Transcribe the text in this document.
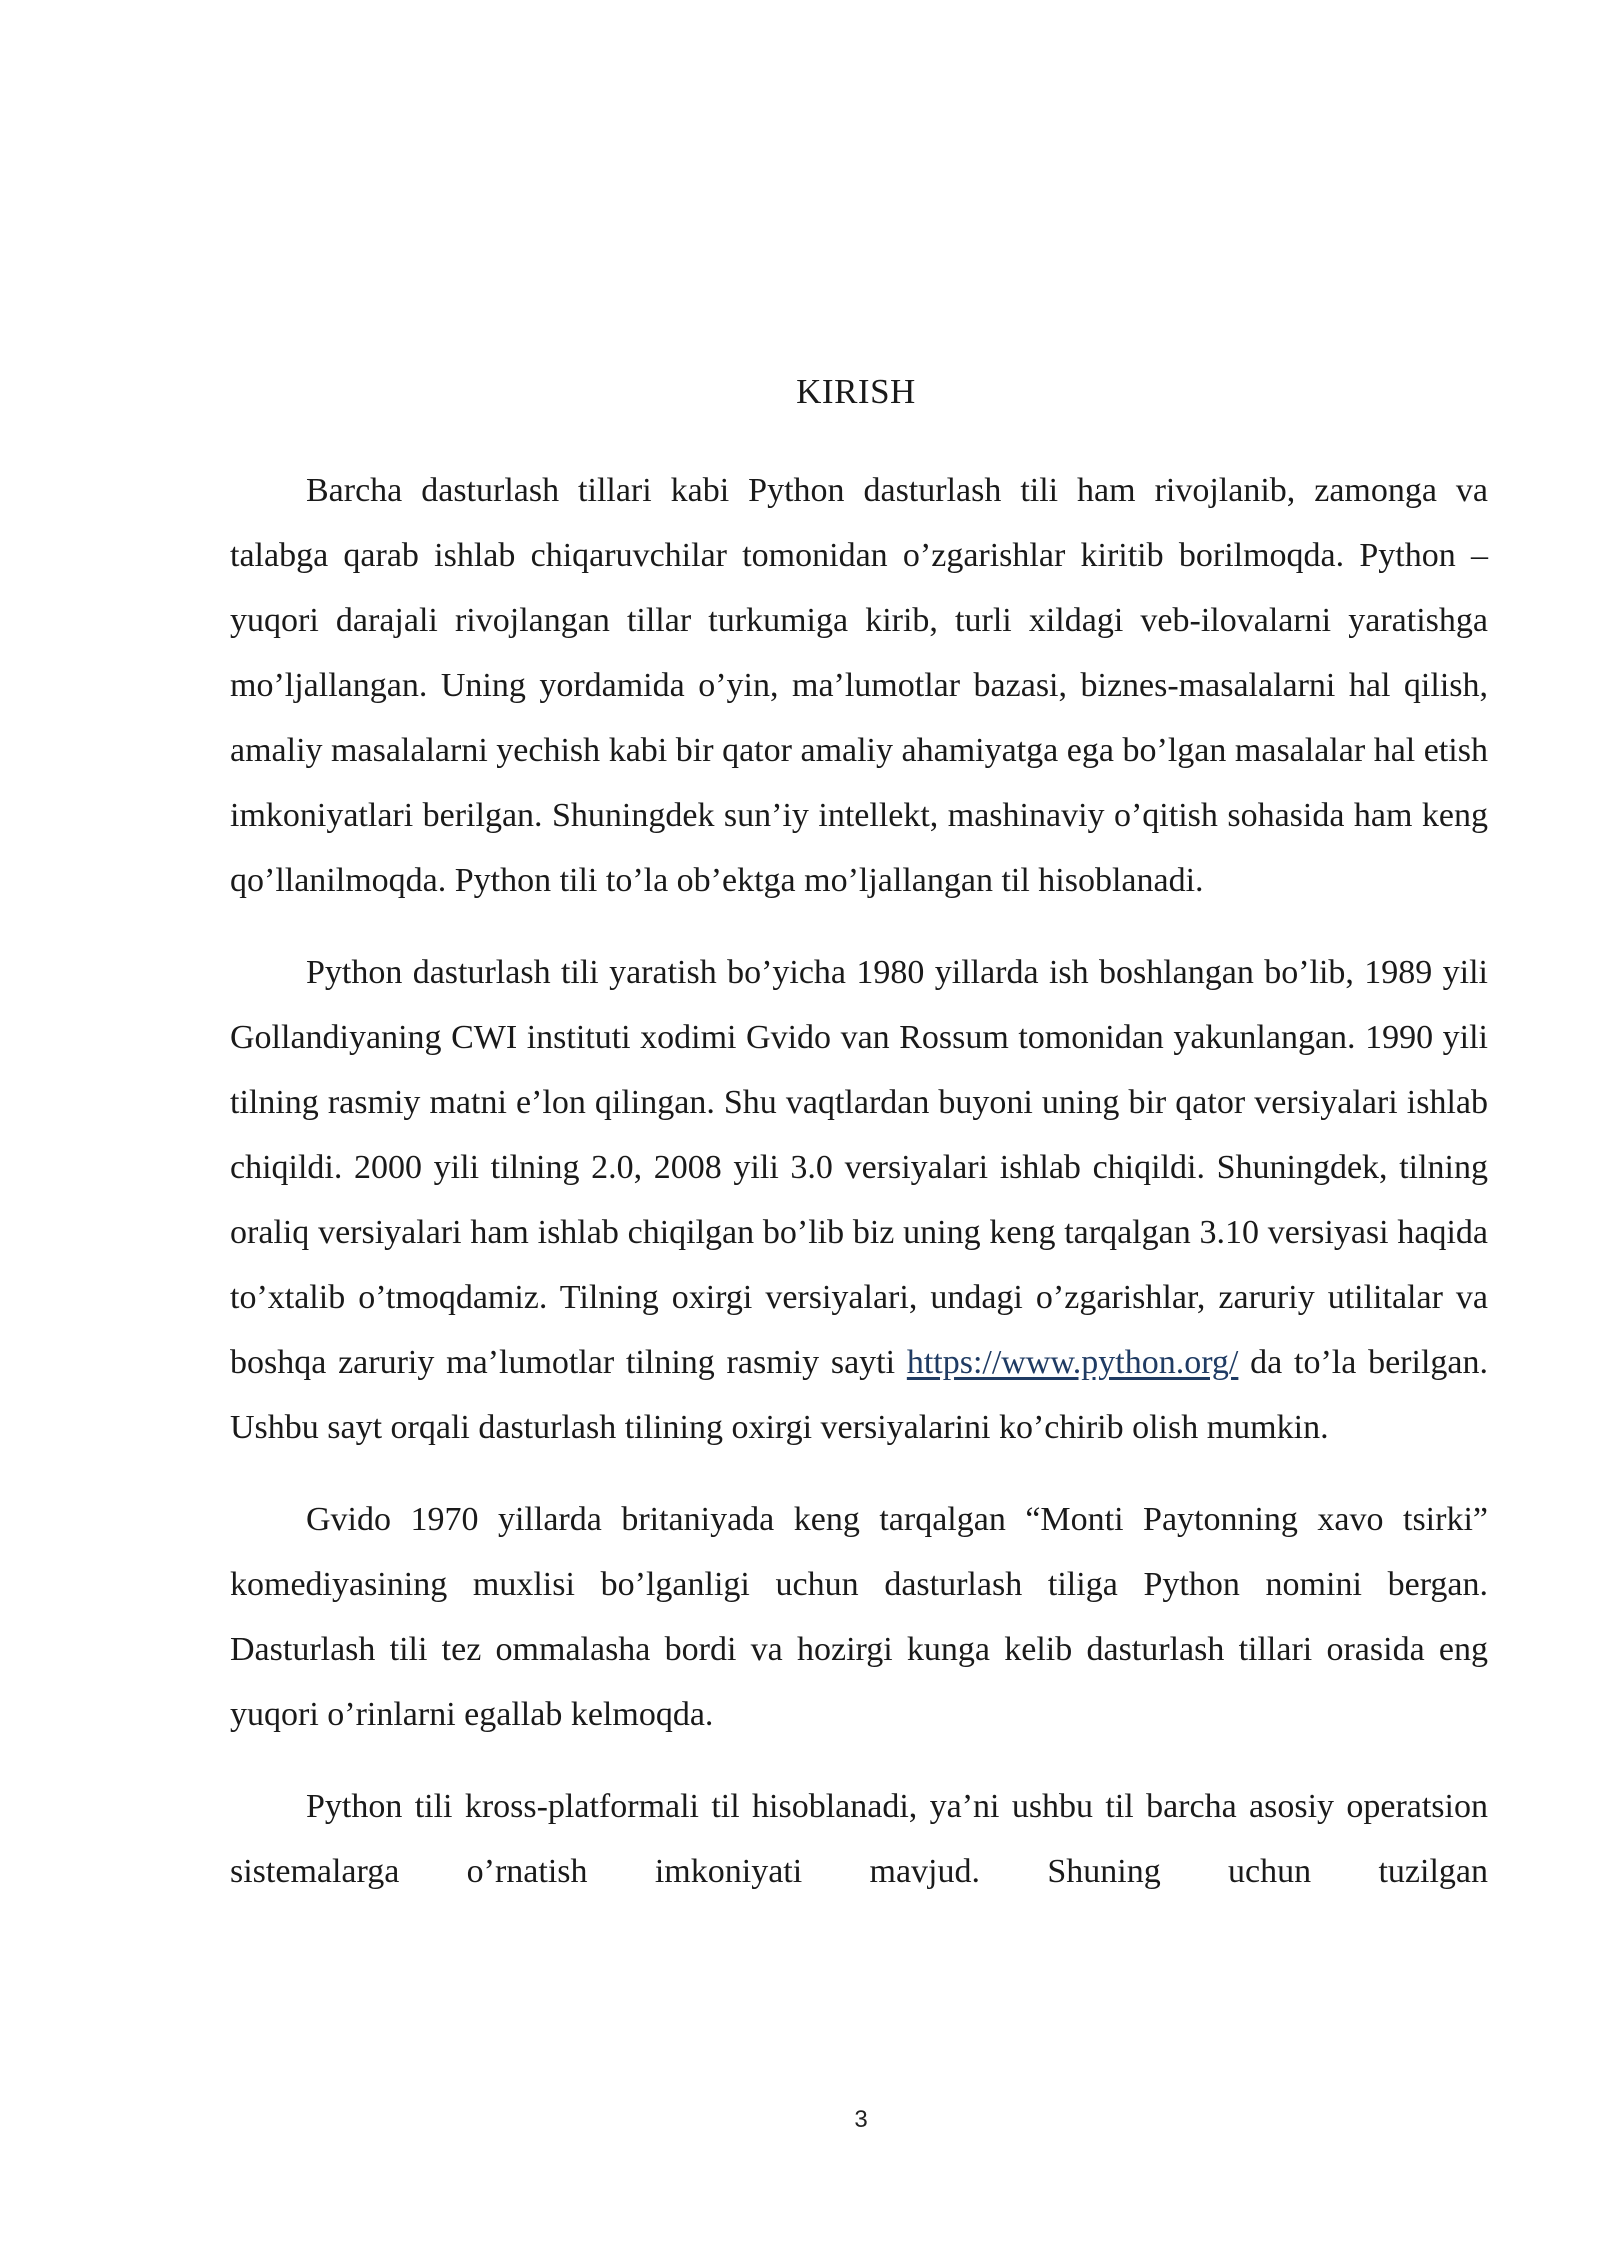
KIRISH

Barcha dasturlash tillari kabi Python dasturlash tili ham rivojlanib, zamonga va talabga qarab ishlab chiqaruvchilar tomonidan o’zgarishlar kiritib borilmoqda. Python – yuqori darajali rivojlangan tillar turkumiga kirib, turli xildagi veb-ilovalarni yaratishga mo’ljallangan. Uning yordamida o’yin, ma’lumotlar bazasi, biznes-masalalarni hal qilish, amaliy masalalarni yechish kabi bir qator amaliy ahamiyatga ega bo’lgan masalalar hal etish imkoniyatlari berilgan. Shuningdek sun’iy intellekt, mashinaviy o’qitish sohasida ham keng qo’llanilmoqda. Python tili to’la ob’ektga mo’ljallangan til hisoblanadi.

Python dasturlash tili yaratish bo’yicha 1980 yillarda ish boshlangan bo’lib, 1989 yili Gollandiyaning CWI instituti xodimi Gvido van Rossum tomonidan yakunlangan. 1990 yili tilning rasmiy matni e’lon qilingan. Shu vaqtlardan buyoni uning bir qator versiyalari ishlab chiqildi. 2000 yili tilning 2.0, 2008 yili 3.0 versiyalari ishlab chiqildi. Shuningdek, tilning oraliq versiyalari ham ishlab chiqilgan bo’lib biz uning keng tarqalgan 3.10 versiyasi haqida to’xtalib o’tmoqdamiz. Tilning oxirgi versiyalari, undagi o’zgarishlar, zaruriy utilitalar va boshqa zaruriy ma’lumotlar tilning rasmiy sayti https://www.python.org/ da to’la berilgan. Ushbu sayt orqali dasturlash tilining oxirgi versiyalarini ko’chirib olish mumkin.

Gvido 1970 yillarda britaniyada keng tarqalgan “Monti Paytonning xavo tsirki” komediyasining muxlisi bo’lganligi uchun dasturlash tiliga Python nomini bergan. Dasturlash tili tez ommalasha bordi va hozirgi kunga kelib dasturlash tillari orasida eng yuqori o’rinlarni egallab kelmoqda.

Python tili kross-platformali til hisoblanadi, ya’ni ushbu til barcha asosiy operatsion sistemalarga o’rnatish imkoniyati mavjud. Shuning uchun tuzilgan

3
